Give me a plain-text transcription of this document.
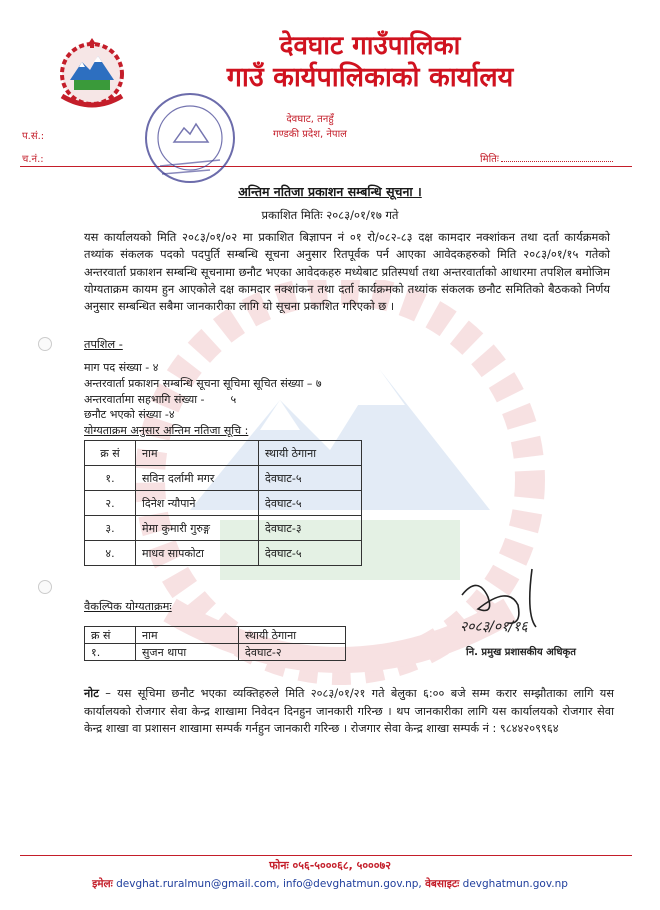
देवघाट गाउँपालिका
गाउँ कार्यपालिकाको कार्यालय
देवघाट, तनहुँ
गण्डकी प्रदेश, नेपाल
प.सं.:
च.नं.:	मितिः
अन्तिम नतिजा प्रकाशन सम्बन्धि सूचना ।
प्रकाशित मितिः २०८३/०१/१७ गते
यस कार्यालयको मिति २०८३/०१/०२ मा प्रकाशित बिज्ञापन नं ०१ रो/०८२-८३ दक्ष कामदार नक्शांकन तथा दर्ता कार्यक्रमको तथ्यांक संकलक पदको पदपुर्ति सम्बन्धि सूचना अनुसार रितपूर्वक पर्न आएका आवेदकहरुको मिति २०८३/०१/१५ गतेको अन्तरवार्ता प्रकाशन सम्बन्धि सूचनामा छनौट भएका आवेदकहरु मध्येबाट प्रतिस्पर्धा तथा अन्तरवार्ताको आधारमा तपशिल बमोजिम योग्यताक्रम कायम हुन आएकोले दक्ष कामदार नक्शांकन तथा दर्ता कार्यक्रमको तथ्यांक संकलक छनौट समितिको बैठकको निर्णय अनुसार सम्बन्धित सबैमा जानकारीका लागि यो सूचना प्रकाशित गरिएको छ ।
तपशिल -
माग पद संख्या - ४
अन्तरवार्ता प्रकाशन सम्बन्धि सूचना सूचिमा सूचित संख्या – ७
अन्तरवार्तामा सहभागि संख्या - ५
छनौट भएको संख्या -४
योग्यताक्रम अनुसार अन्तिम नतिजा सूचि :
क्र सं	नाम	स्थायी ठेगाना
१.	सविन दर्लामी मगर	देवघाट-५
२.	दिनेश न्यौपाने	देवघाट-५
३.	मेमा कुमारी गुरुङ्ग	देवघाट-३
४.	माधव सापकोटा	देवघाट-५
वैकल्पिक योग्यताक्रमः
क्र सं	नाम	स्थायी ठेगाना
१.	सुजन थापा	देवघाट-२
२०८३/०१/१६
नि. प्रमुख प्रशासकीय अधिकृत
नोट – यस सूचिमा छनौट भएका व्यक्तिहरुले मिति २०८३/०१/२१ गते बेलुका ६:०० बजे सम्म करार सम्झौताका लागि यस कार्यालयको रोजगार सेवा केन्द्र शाखामा निवेदन दिनहुन जानकारी गरिन्छ । थप जानकारीका लागि यस कार्यालयको रोजगार सेवा केन्द्र शाखा वा प्रशासन शाखामा सम्पर्क गर्नहुन जानकारी गरिन्छ । रोजगार सेवा केन्द्र शाखा सम्पर्क नं : ९८४४२०९९६४
फोनः ०५६-५०००६८, ५०००७२
इमेलः devghat.ruralmun@gmail.com, info@devghatmun.gov.np, वेबसाइटः devghatmun.gov.np
